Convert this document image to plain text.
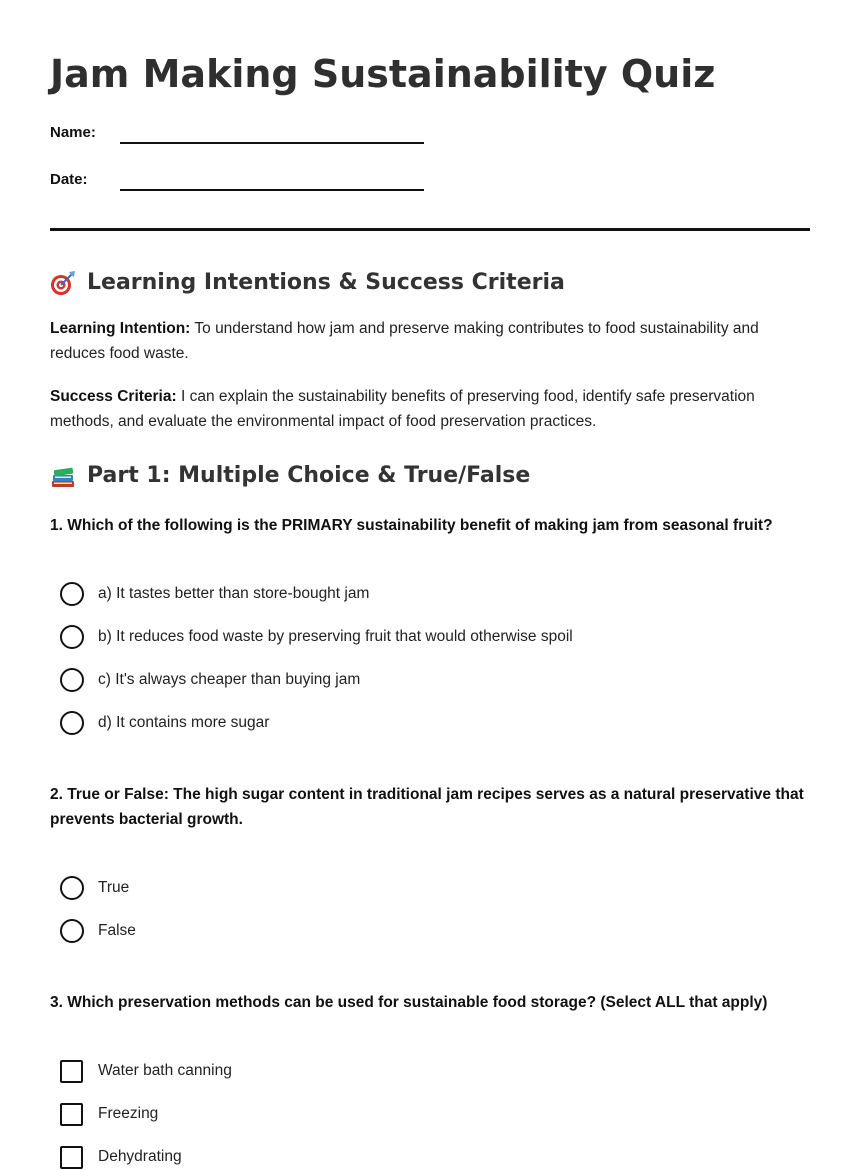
Jam Making Sustainability Quiz
Name:
Date:
Learning Intentions & Success Criteria

Learning Intention: To understand how jam and preserve making contributes to food sustainability and reduces food waste.

Success Criteria: I can explain the sustainability benefits of preserving food, identify safe preservation methods, and evaluate the environmental impact of food preservation practices.

Part 1: Multiple Choice & True/False

1. Which of the following is the PRIMARY sustainability benefit of making jam from seasonal fruit?

a) It tastes better than store-bought jam
b) It reduces food waste by preserving fruit that would otherwise spoil
c) It's always cheaper than buying jam
d) It contains more sugar

2. True or False: The high sugar content in traditional jam recipes serves as a natural preservative that prevents bacterial growth.

True
False

3. Which preservation methods can be used for sustainable food storage? (Select ALL that apply)

Water bath canning
Freezing
Dehydrating
